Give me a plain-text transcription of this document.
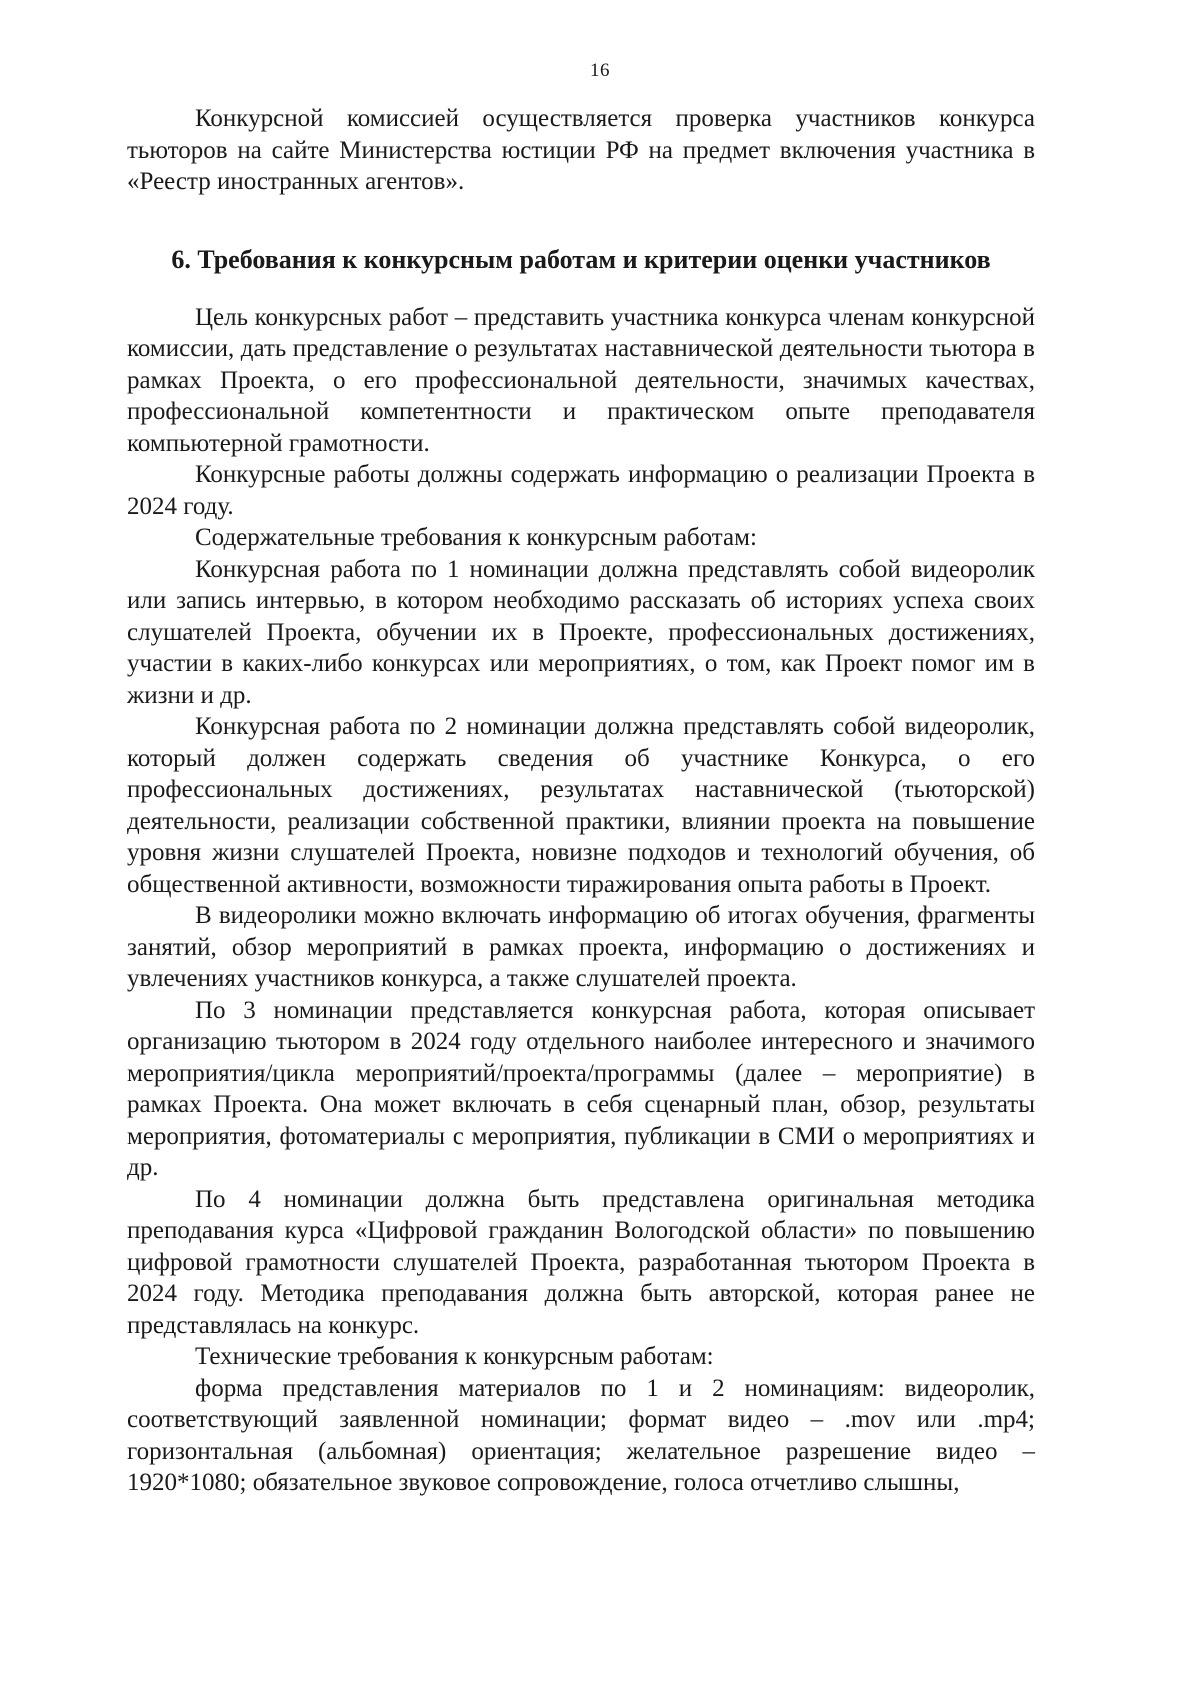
16

Конкурсной комиссией осуществляется проверка участников конкурса тьюторов на сайте Министерства юстиции РФ на предмет включения участника в «Реестр иностранных агентов».

6. Требования к конкурсным работам и критерии оценки участников

Цель конкурсных работ – представить участника конкурса членам конкурсной комиссии, дать представление о результатах наставнической деятельности тьютора в рамках Проекта, о его профессиональной деятельности, значимых качествах, профессиональной компетентности и практическом опыте преподавателя компьютерной грамотности.

Конкурсные работы должны содержать информацию о реализации Проекта в 2024 году.

Содержательные требования к конкурсным работам:

Конкурсная работа по 1 номинации должна представлять собой видеоролик или запись интервью, в котором необходимо рассказать об историях успеха своих слушателей Проекта, обучении их в Проекте, профессиональных достижениях, участии в каких-либо конкурсах или мероприятиях, о том, как Проект помог им в жизни и др.

Конкурсная работа по 2 номинации должна представлять собой видеоролик, который должен содержать сведения об участнике Конкурса, о его профессиональных достижениях, результатах наставнической (тьюторской) деятельности, реализации собственной практики, влиянии проекта на повышение уровня жизни слушателей Проекта, новизне подходов и технологий обучения, об общественной активности, возможности тиражирования опыта работы в Проект.

В видеоролики можно включать информацию об итогах обучения, фрагменты занятий, обзор мероприятий в рамках проекта, информацию о достижениях и увлечениях участников конкурса, а также слушателей проекта.

По 3 номинации представляется конкурсная работа, которая описывает организацию тьютором в 2024 году отдельного наиболее интересного и значимого мероприятия/цикла мероприятий/проекта/программы (далее – мероприятие) в рамках Проекта. Она может включать в себя сценарный план, обзор, результаты мероприятия, фотоматериалы с мероприятия, публикации в СМИ о мероприятиях и др.

По 4 номинации должна быть представлена оригинальная методика преподавания курса «Цифровой гражданин Вологодской области» по повышению цифровой грамотности слушателей Проекта, разработанная тьютором Проекта в 2024 году. Методика преподавания должна быть авторской, которая ранее не представлялась на конкурс.

Технические требования к конкурсным работам:

форма представления материалов по 1 и 2 номинациям: видеоролик, соответствующий заявленной номинации; формат видео – .mov или .mp4; горизонтальная (альбомная) ориентация; желательное разрешение видео – 1920*1080; обязательное звуковое сопровождение, голоса отчетливо слышны,
